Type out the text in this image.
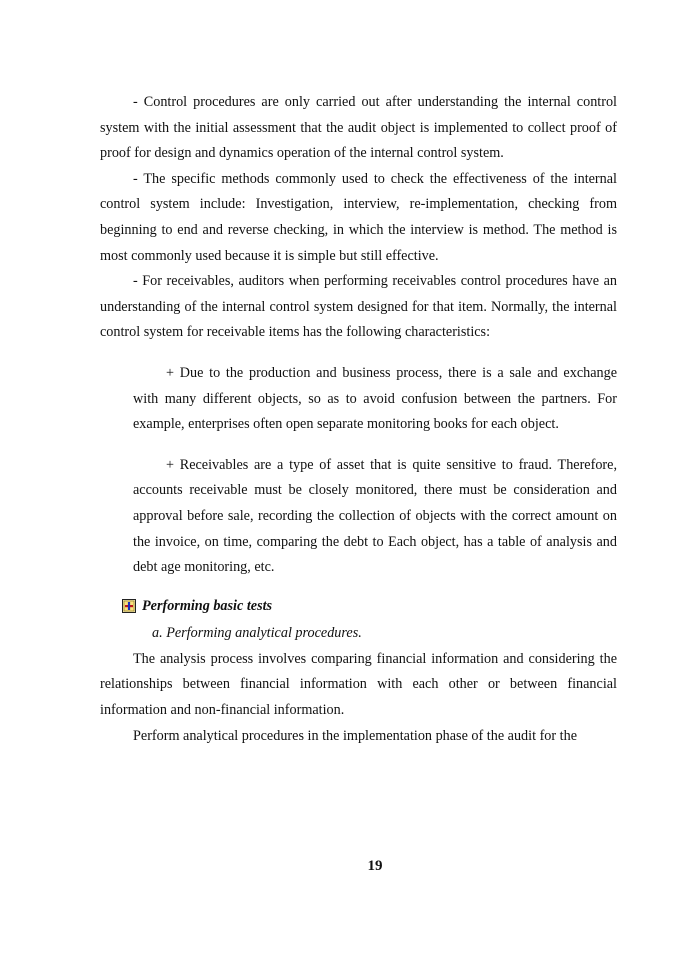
- Control procedures are only carried out after understanding the internal control system with the initial assessment that the audit object is implemented to collect proof of proof for design and dynamics operation of the internal control system.

- The specific methods commonly used to check the effectiveness of the internal control system include: Investigation, interview, re-implementation, checking from beginning to end and reverse checking, in which the interview is method. The method is most commonly used because it is simple but still effective.

- For receivables, auditors when performing receivables control procedures have an understanding of the internal control system designed for that item. Normally, the internal control system for receivable items has the following characteristics:

+ Due to the production and business process, there is a sale and exchange with many different objects, so as to avoid confusion between the partners. For example, enterprises often open separate monitoring books for each object.

+ Receivables are a type of asset that is quite sensitive to fraud. Therefore, accounts receivable must be closely monitored, there must be consideration and approval before sale, recording the collection of objects with the correct amount on the invoice, on time, comparing the debt to Each object, has a table of analysis and debt age monitoring, etc.

Performing basic tests

a. Performing analytical procedures.

The analysis process involves comparing financial information and considering the relationships between financial information with each other or between financial information and non-financial information.

Perform analytical procedures in the implementation phase of the audit for the

19
